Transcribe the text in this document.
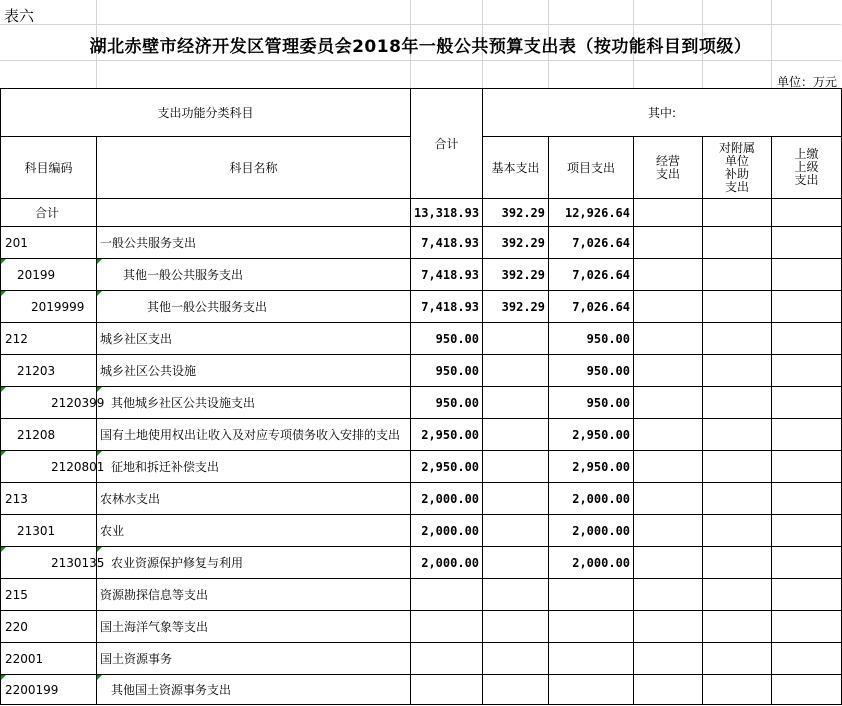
表六
湖北赤壁市经济开发区管理委员会2018年一般公共预算支出表（按功能科目到项级）
单位：万元
支出功能分类科目		合计	其中:				
科目编码	科目名称		基本支出	项目支出	经营
支出	对附属
单位
补助
支出	上缴
上级
支出
合计		13,318.93	392.29	12,926.64			
201	一般公共服务支出	7,418.93	392.29	7,026.64			
20199	其他一般公共服务支出	7,418.93	392.29	7,026.64			
2019999	其他一般公共服务支出	7,418.93	392.29	7,026.64			
212	城乡社区支出	950.00		950.00			
21203	城乡社区公共设施	950.00		950.00			
2120399	其他城乡社区公共设施支出	950.00		950.00			
21208	国有土地使用权出让收入及对应专项债务收入安排的支出	2,950.00		2,950.00			
2120801	征地和拆迁补偿支出	2,950.00		2,950.00			
213	农林水支出	2,000.00		2,000.00			
21301	农业	2,000.00		2,000.00			
2130135	农业资源保护修复与利用	2,000.00		2,000.00			
215	资源勘探信息等支出						
220	国土海洋气象等支出						
22001	国土资源事务						
2200199	其他国土资源事务支出						
